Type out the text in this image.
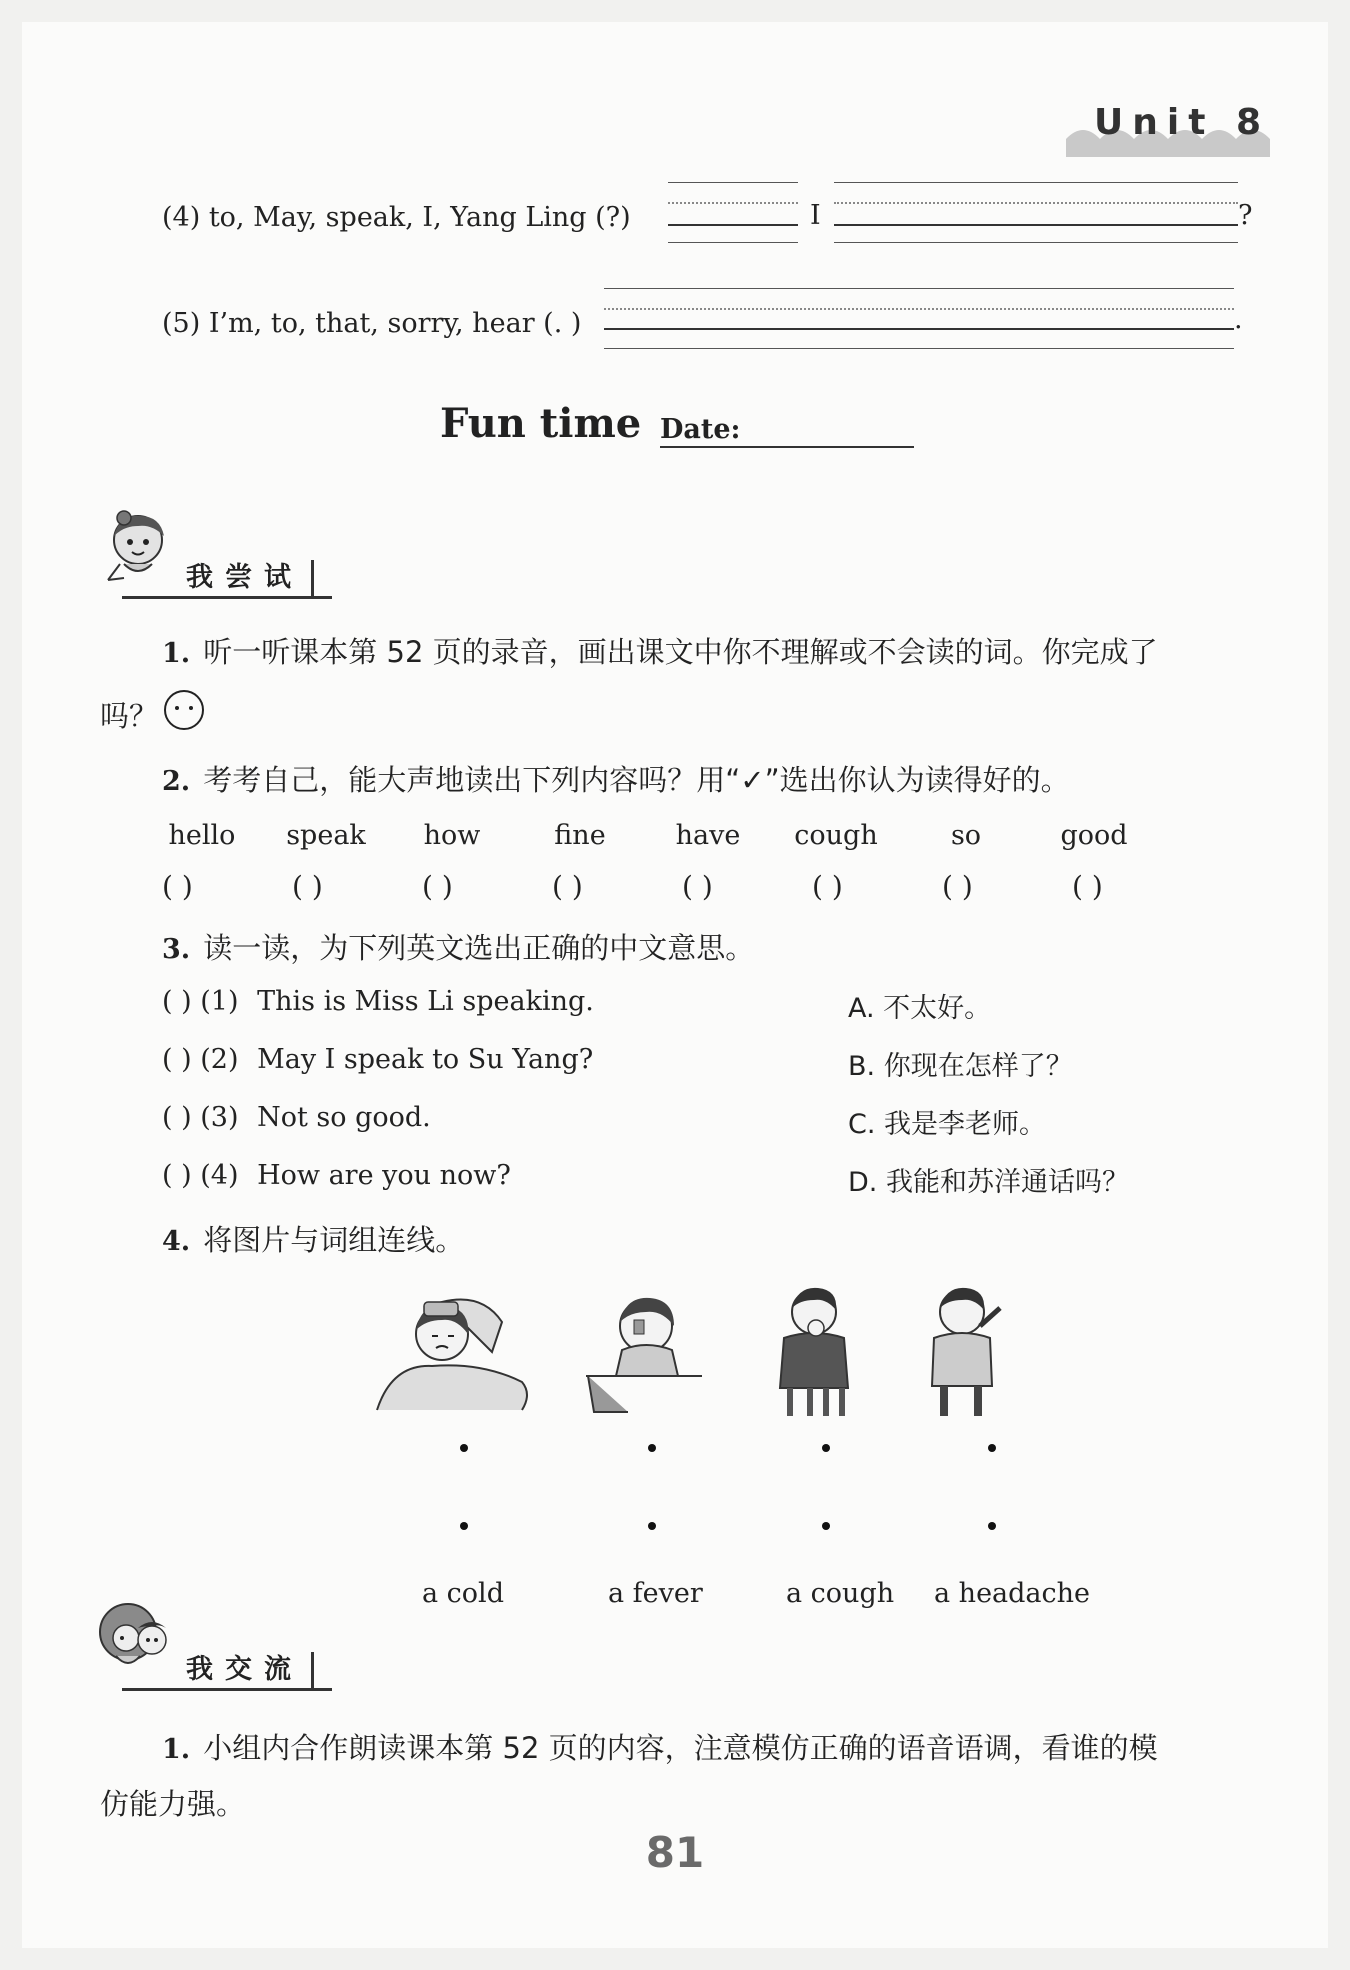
Unit 8
(4) to, May, speak, I, Yang Ling (?)	I	?
(5) I’m, to, that, sorry, hear (. )	.
Fun time Date:
我尝试
1. 听一听课本第 52 页的录音，画出课文中你不理解或不会读的词。你完成了
吗？
2. 考考自己，能大声地读出下列内容吗？用“✓”选出你认为读得好的。
hello	speak	how	fine	have	cough	so	good
( )	( )	( )	( )	( )	( )	( )	( )
3. 读一读，为下列英文选出正确的中文意思。
( ) (1) This is Miss Li speaking.	A. 不太好。
( ) (2) May I speak to Su Yang?	B. 你现在怎样了？
( ) (3) Not so good.	C. 我是李老师。
( ) (4) How are you now?	D. 我能和苏洋通话吗？
4. 将图片与词组连线。
a cold	a fever	a cough a headache
我交流
1. 小组内合作朗读课本第 52 页的内容，注意模仿正确的语音语调，看谁的模
仿能力强。
81
